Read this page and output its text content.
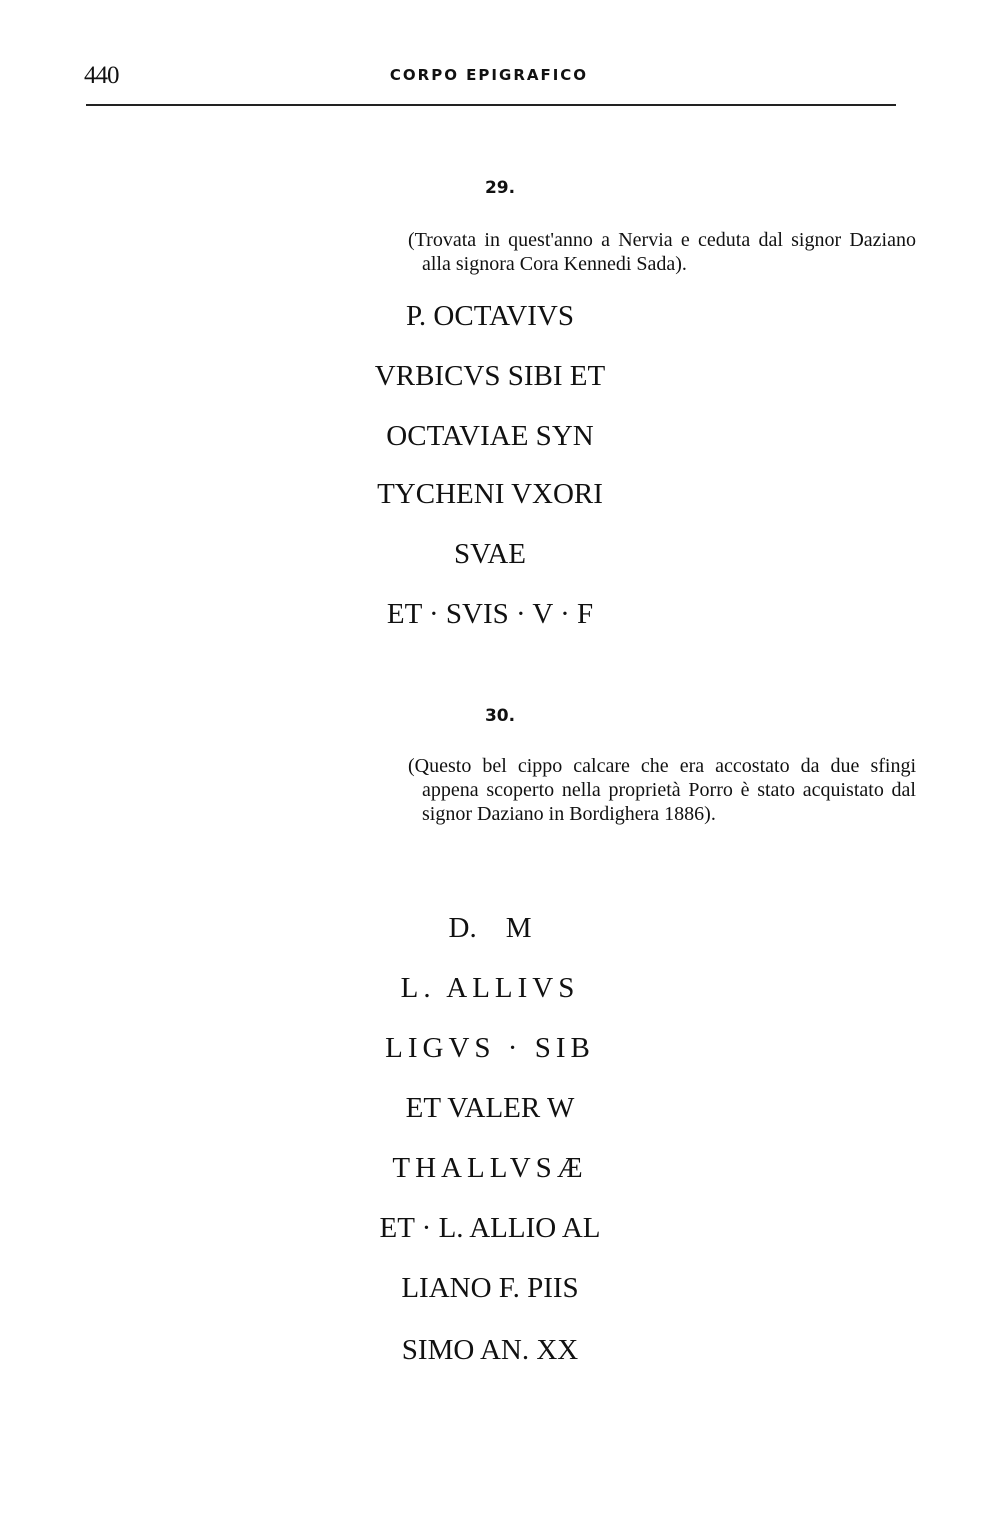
440	CORPO EPIGRAFICO
29.
(Trovata in quest'anno a Nervia e ceduta dal signor Daziano alla signora Cora Kennedi Sada).
P. OCTAVIVS
VRBICVS SIBI ET
OCTAVIAE SYN
TYCHENI VXORI
SVAE
ET · SVIS · V · F
30.
(Questo bel cippo calcare che era accostato da due sfingi appena scoperto nella proprietà Porro è stato acquistato dal signor Daziano in Bordighera 1886).
D.    M
L. ALLIVS
LIGVS · SIB
ET VALER W
THALLVSÆ
ET · L. ALLIO AL
LIANO F. PIIS
SIMO AN. XX
